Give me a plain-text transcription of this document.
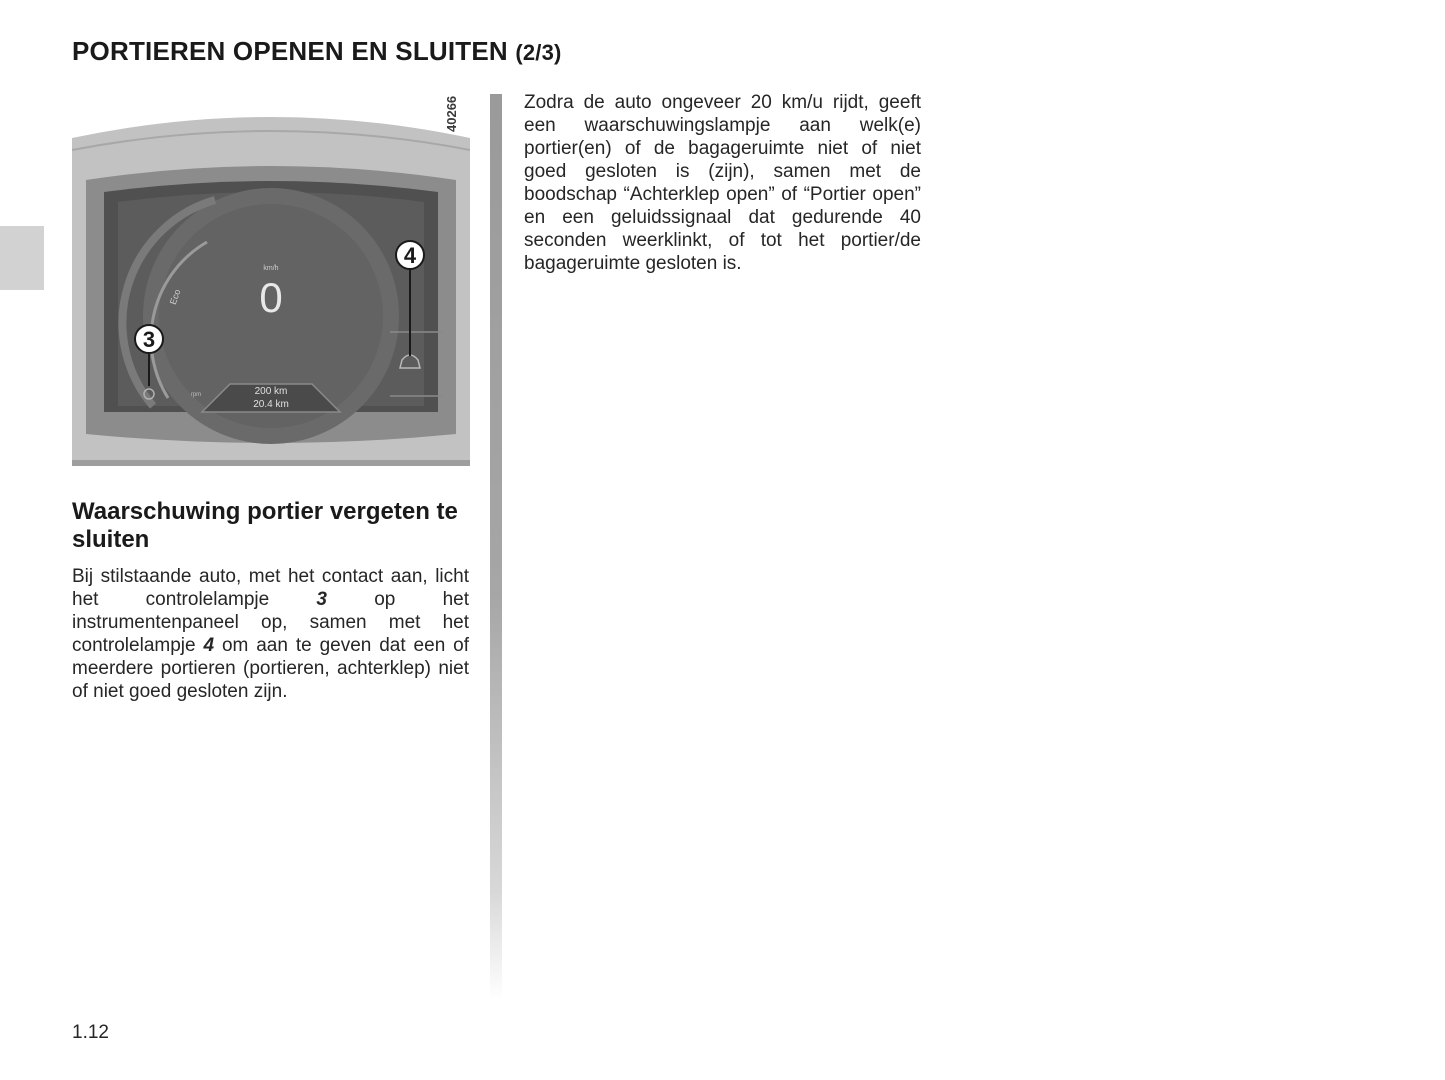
PORTIEREN OPENEN EN SLUITEN (2/3)
40266
km/h
0
Eco
rpm	200 km
20.4 km
3
4
Waarschuwing portier vergeten te sluiten
Bij stilstaande auto, met het contact aan, licht het controlelampje 3 op het instrumentenpaneel op, samen met het controlelampje 4 om aan te geven dat een of meerdere portieren (portieren, achterklep) niet of niet goed gesloten zijn.
Zodra de auto ongeveer 20 km/u rijdt, geeft een waarschuwingslampje aan welk(e) portier(en) of de bagageruimte niet of niet goed gesloten is (zijn), samen met de boodschap “Achterklep open” of “Portier open” en een geluidssignaal dat gedurende 40 seconden weerklinkt, of tot het portier/de bagageruimte gesloten is.
1.12
